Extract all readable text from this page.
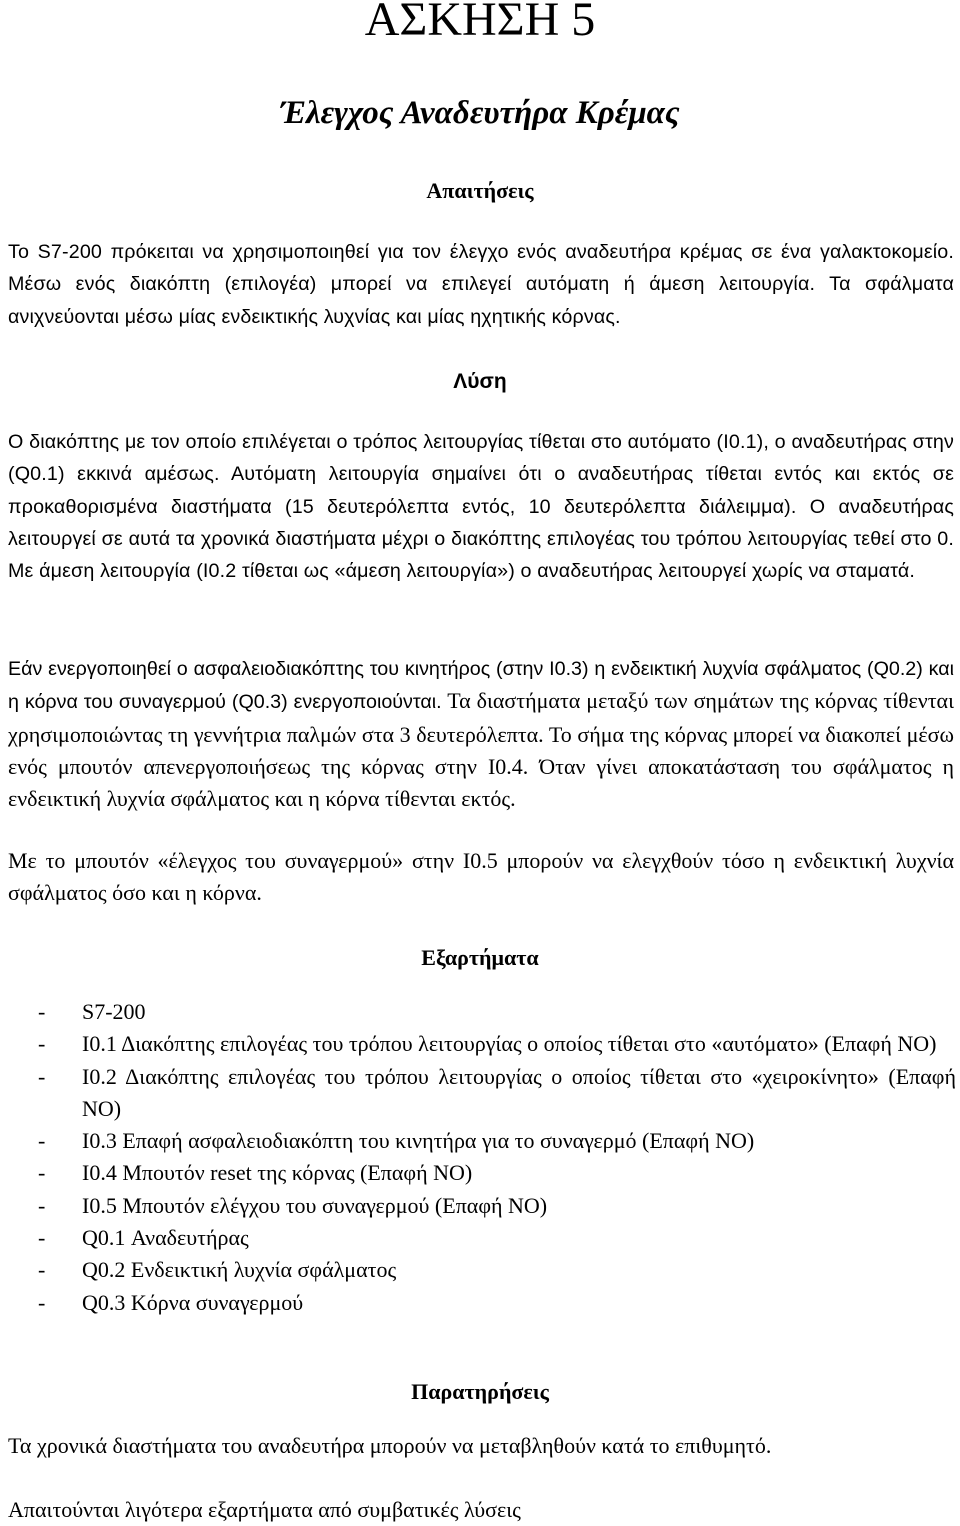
ΑΣΚΗΣΗ 5
Έλεγχος Αναδευτήρα Κρέμας
Απαιτήσεις

Το S7-200 πρόκειται να χρησιμοποιηθεί για τον έλεγχο ενός αναδευτήρα κρέμας σε ένα γαλακτοκομείο. Μέσω ενός διακόπτη (επιλογέα) μπορεί να επιλεγεί αυτόματη ή άμεση λειτουργία. Τα σφάλματα ανιχνεύονται μέσω μίας ενδεικτικής λυχνίας και μίας ηχητικής κόρνας.

Λύση

Ο διακόπτης με τον οποίο επιλέγεται ο τρόπος λειτουργίας τίθεται στο αυτόματο (Ι0.1), ο αναδευτήρας στην (Q0.1) εκκινά αμέσως. Αυτόματη λειτουργία σημαίνει ότι ο αναδευτήρας τίθεται εντός και εκτός σε προκαθορισμένα διαστήματα (15 δευτερόλεπτα εντός, 10 δευτερόλεπτα διάλειμμα). Ο αναδευτήρας λειτουργεί σε αυτά τα χρονικά διαστήματα μέχρι ο διακόπτης επιλογέας του τρόπου λειτουργίας τεθεί στο 0. Με άμεση λειτουργία (Ι0.2 τίθεται ως «άμεση λειτουργία») ο αναδευτήρας λειτουργεί χωρίς να σταματά.

Εάν ενεργοποιηθεί ο ασφαλειοδιακόπτης του κινητήρος (στην Ι0.3) η ενδεικτική λυχνία σφάλματος (Q0.2) και η κόρνα του συναγερμού (Q0.3) ενεργοποιούνται. Τα διαστήματα μεταξύ των σημάτων της κόρνας τίθενται χρησιμοποιώντας τη γεννήτρια παλμών στα 3 δευτερόλεπτα. Το σήμα της κόρνας μπορεί να διακοπεί μέσω ενός μπουτόν απενεργοποιήσεως της κόρνας στην Ι0.4. Όταν γίνει αποκατάσταση του σφάλματος η ενδεικτική λυχνία σφάλματος και η κόρνα τίθενται εκτός.

Με το μπουτόν «έλεγχος του συναγερμού» στην Ι0.5 μπορούν να ελεγχθούν τόσο η ενδεικτική λυχνία σφάλματος όσο και η κόρνα.

Εξαρτήματα
- S7-200
- Ι0.1 Διακόπτης επιλογέας του τρόπου λειτουργίας ο οποίος τίθεται στο «αυτόματο» (Επαφή ΝΟ)
- Ι0.2 Διακόπτης επιλογέας του τρόπου λειτουργίας ο οποίος τίθεται στο «χειροκίνητο» (Επαφή ΝΟ)
- Ι0.3 Επαφή ασφαλειοδιακόπτη του κινητήρα για το συναγερμό (Επαφή ΝΟ)
- Ι0.4 Μπουτόν reset της κόρνας (Επαφή ΝΟ)
- Ι0.5 Μπουτόν ελέγχου του συναγερμού (Επαφή ΝΟ)
- Q0.1 Αναδευτήρας
- Q0.2 Ενδεικτική λυχνία σφάλματος
- Q0.3 Κόρνα συναγερμού
Παρατηρήσεις

Τα χρονικά διαστήματα του αναδευτήρα μπορούν να μεταβληθούν κατά το επιθυμητό.

Απαιτούνται λιγότερα εξαρτήματα από συμβατικές λύσεις
